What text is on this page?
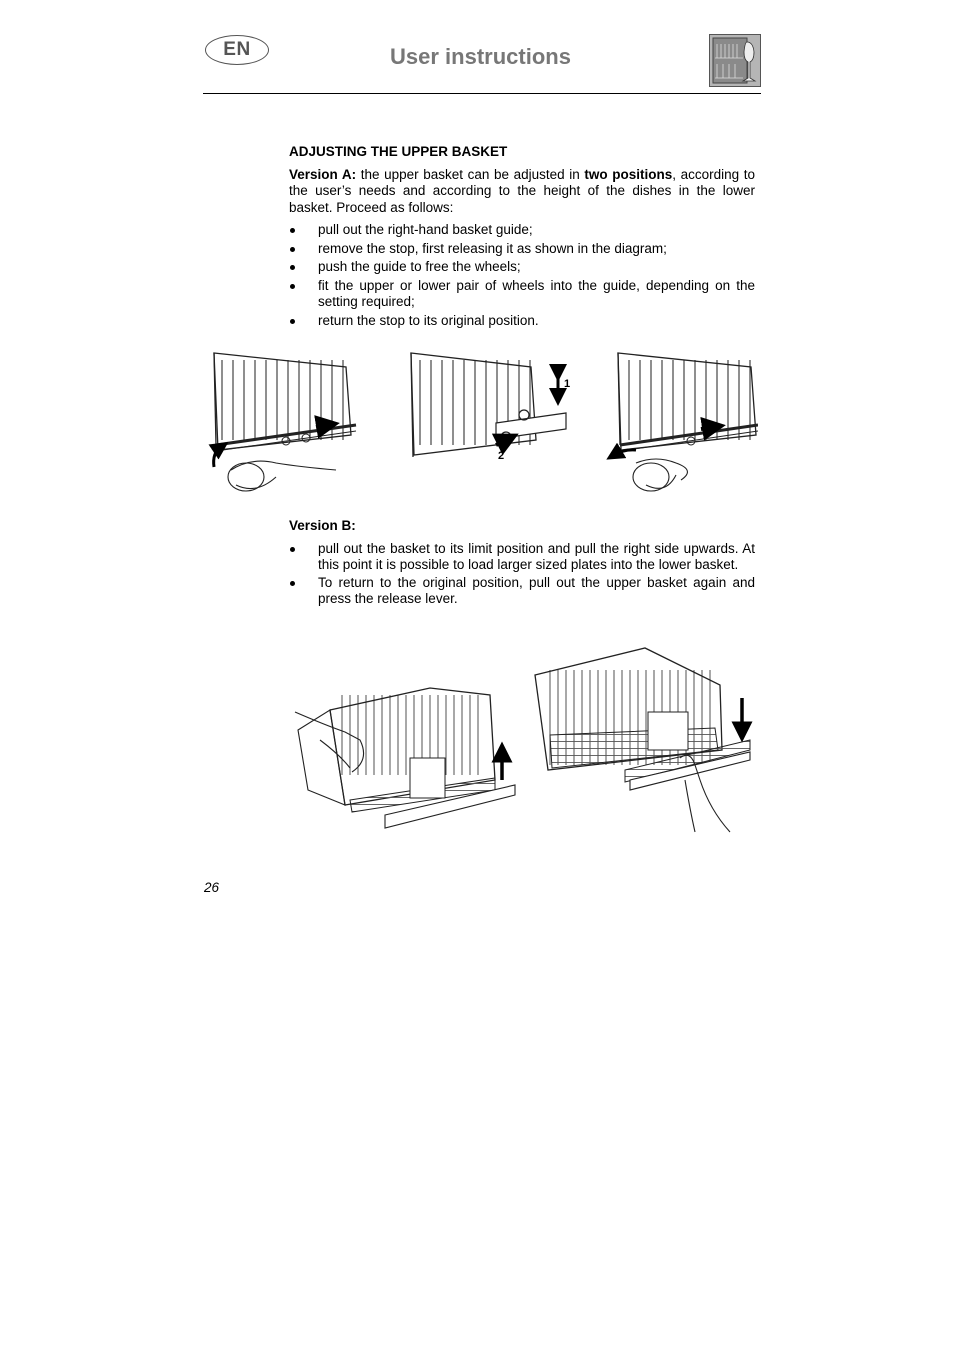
EN	User instructions
ADJUSTING THE UPPER BASKET

Version A: the upper basket can be adjusted in two positions, according to the user’s needs and according to the height of the dishes in the lower basket. Proceed as follows:

pull out the right-hand basket guide;
remove the stop, first releasing it as shown in the diagram;
push the guide to free the wheels;
fit the upper or lower pair of wheels into the guide, depending on the setting required;
return the stop to its original position.
1
2

Version B:

pull out the basket to its limit position and pull the right side upwards. At this point it is possible to load larger sized plates into the lower basket.
To return to the original position, pull out the upper basket again and press the release lever.
26
